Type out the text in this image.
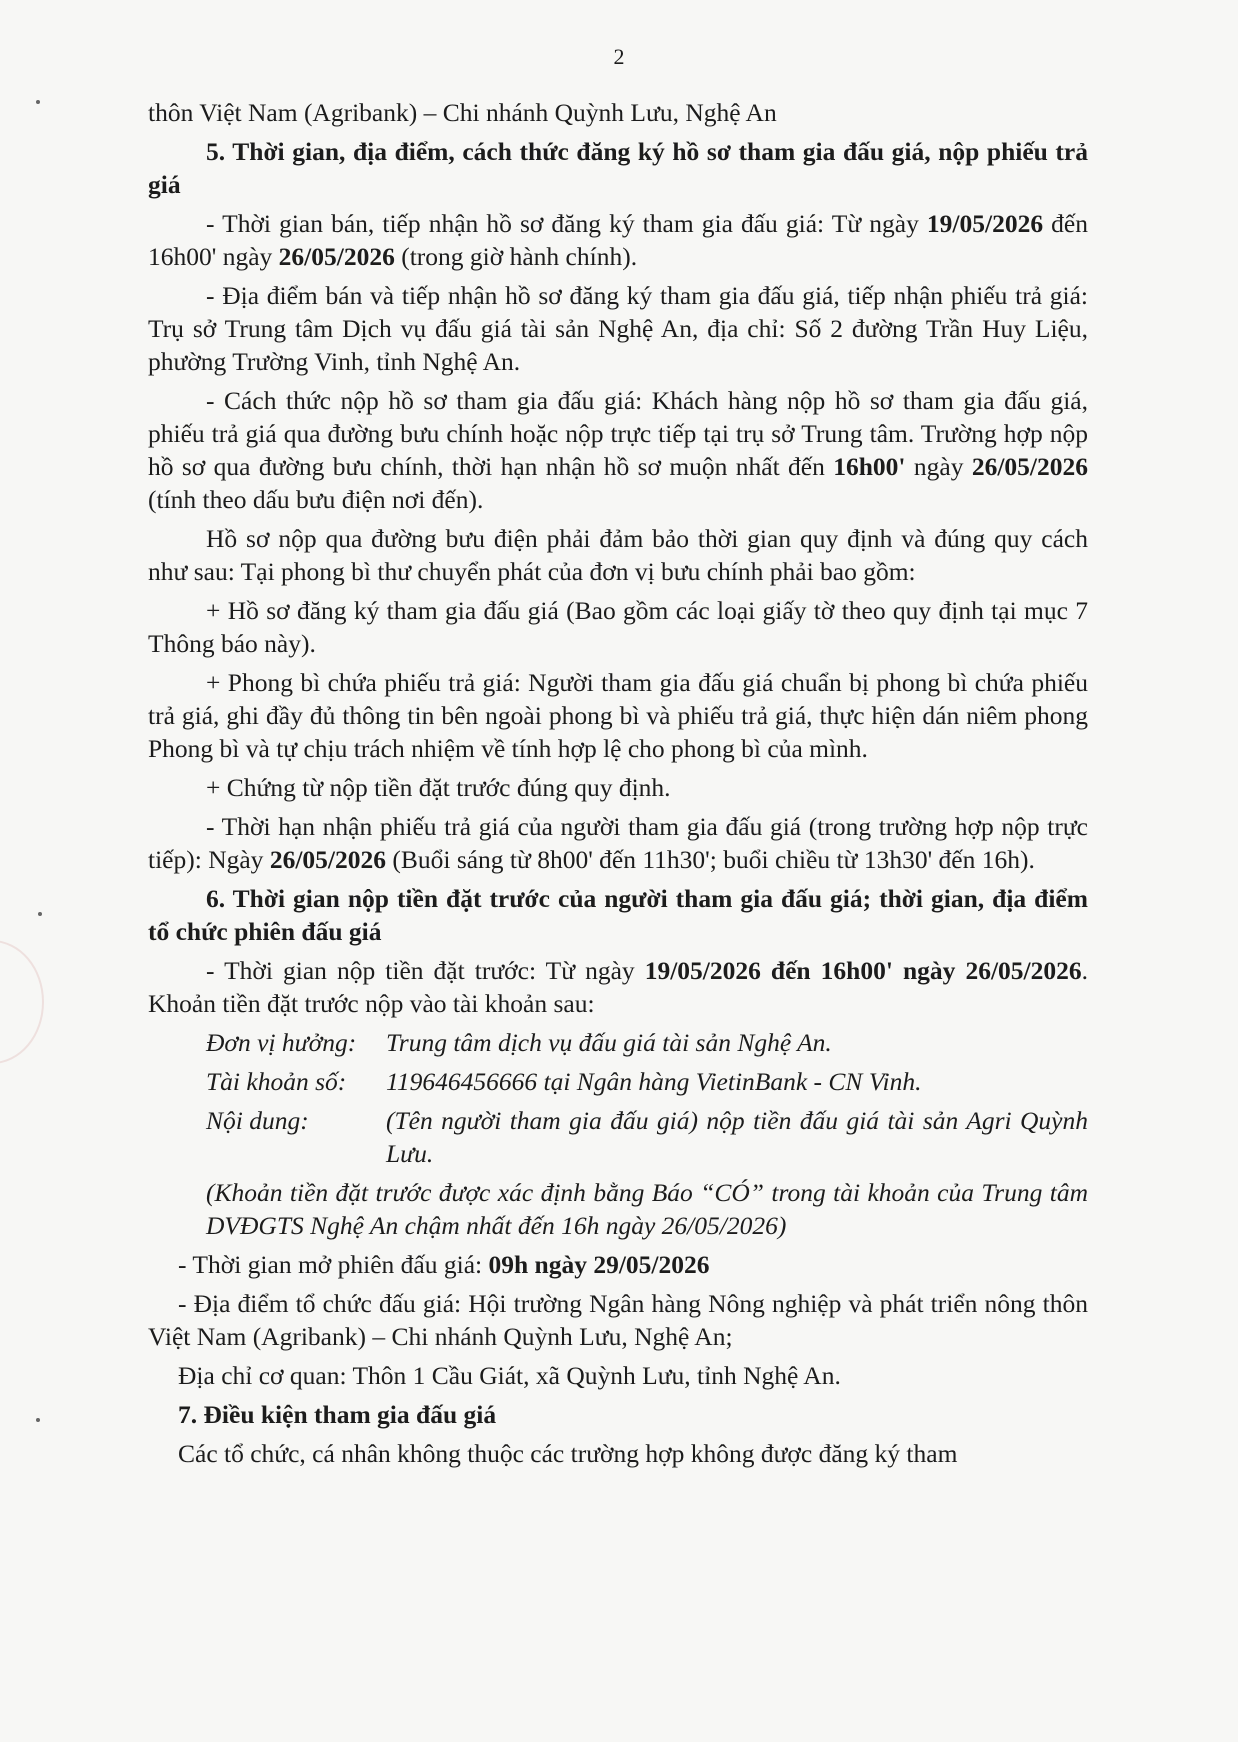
2

thôn Việt Nam (Agribank) – Chi nhánh Quỳnh Lưu, Nghệ An

5. Thời gian, địa điểm, cách thức đăng ký hồ sơ tham gia đấu giá, nộp phiếu trả giá

- Thời gian bán, tiếp nhận hồ sơ đăng ký tham gia đấu giá: Từ ngày 19/05/2026 đến 16h00' ngày 26/05/2026 (trong giờ hành chính).

- Địa điểm bán và tiếp nhận hồ sơ đăng ký tham gia đấu giá, tiếp nhận phiếu trả giá: Trụ sở Trung tâm Dịch vụ đấu giá tài sản Nghệ An, địa chỉ: Số 2 đường Trần Huy Liệu, phường Trường Vinh, tỉnh Nghệ An.

- Cách thức nộp hồ sơ tham gia đấu giá: Khách hàng nộp hồ sơ tham gia đấu giá, phiếu trả giá qua đường bưu chính hoặc nộp trực tiếp tại trụ sở Trung tâm. Trường hợp nộp hồ sơ qua đường bưu chính, thời hạn nhận hồ sơ muộn nhất đến 16h00' ngày 26/05/2026 (tính theo dấu bưu điện nơi đến).

Hồ sơ nộp qua đường bưu điện phải đảm bảo thời gian quy định và đúng quy cách như sau: Tại phong bì thư chuyển phát của đơn vị bưu chính phải bao gồm:

+ Hồ sơ đăng ký tham gia đấu giá (Bao gồm các loại giấy tờ theo quy định tại mục 7 Thông báo này).

+ Phong bì chứa phiếu trả giá: Người tham gia đấu giá chuẩn bị phong bì chứa phiếu trả giá, ghi đầy đủ thông tin bên ngoài phong bì và phiếu trả giá, thực hiện dán niêm phong Phong bì và tự chịu trách nhiệm về tính hợp lệ cho phong bì của mình.

+ Chứng từ nộp tiền đặt trước đúng quy định.

- Thời hạn nhận phiếu trả giá của người tham gia đấu giá (trong trường hợp nộp trực tiếp): Ngày 26/05/2026 (Buổi sáng từ 8h00' đến 11h30'; buổi chiều từ 13h30' đến 16h).

6. Thời gian nộp tiền đặt trước của người tham gia đấu giá; thời gian, địa điểm tổ chức phiên đấu giá

- Thời gian nộp tiền đặt trước: Từ ngày 19/05/2026 đến 16h00' ngày 26/05/2026. Khoản tiền đặt trước nộp vào tài khoản sau:

Đơn vị hưởng:	Trung tâm dịch vụ đấu giá tài sản Nghệ An.
Tài khoản số:	119646456666 tại Ngân hàng VietinBank - CN Vinh.
Nội dung:	(Tên người tham gia đấu giá) nộp tiền đấu giá tài sản Agri Quỳnh Lưu.

(Khoản tiền đặt trước được xác định bằng Báo “CÓ” trong tài khoản của Trung tâm DVĐGTS Nghệ An chậm nhất đến 16h ngày 26/05/2026)

- Thời gian mở phiên đấu giá: 09h ngày 29/05/2026

- Địa điểm tổ chức đấu giá: Hội trường Ngân hàng Nông nghiệp và phát triển nông thôn Việt Nam (Agribank) – Chi nhánh Quỳnh Lưu, Nghệ An;

Địa chỉ cơ quan: Thôn 1 Cầu Giát, xã Quỳnh Lưu, tỉnh Nghệ An.

7. Điều kiện tham gia đấu giá

Các tổ chức, cá nhân không thuộc các trường hợp không được đăng ký tham
